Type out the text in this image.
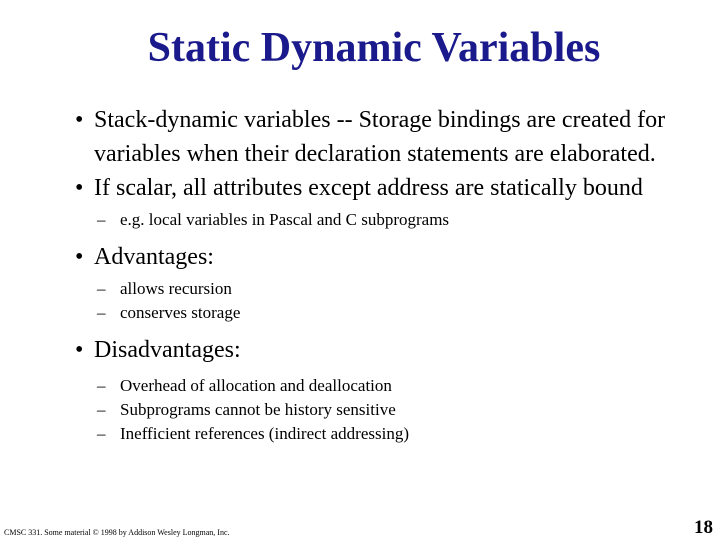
Static Dynamic Variables
• Stack-dynamic variables -- Storage bindings are created for variables when their declaration statements are elaborated.
• If scalar, all attributes except address are statically bound
– e.g. local variables in Pascal and C subprograms
• Advantages:
– allows recursion
– conserves storage
• Disadvantages:
– Overhead of allocation and deallocation
– Subprograms cannot be history sensitive
– Inefficient references (indirect addressing)
CMSC 331. Some material © 1998 by Addison Wesley Longman, Inc.	18
